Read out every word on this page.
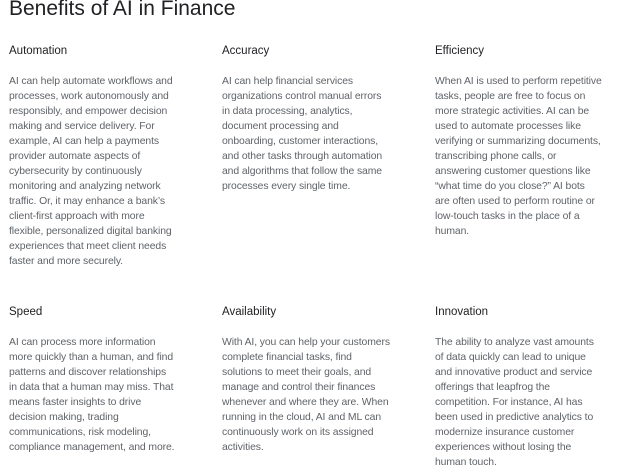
Benefits of AI in Finance
Automation

AI can help automate workflows and
processes, work autonomously and
responsibly, and empower decision
making and service delivery. For
example, AI can help a payments
provider automate aspects of
cybersecurity by continuously
monitoring and analyzing network
traffic. Or, it may enhance a bank’s
client-first approach with more
flexible, personalized digital banking
experiences that meet client needs
faster and more securely.

Accuracy

AI can help financial services
organizations control manual errors
in data processing, analytics,
document processing and
onboarding, customer interactions,
and other tasks through automation
and algorithms that follow the same
processes every single time.

Efficiency

When AI is used to perform repetitive
tasks, people are free to focus on
more strategic activities. AI can be
used to automate processes like
verifying or summarizing documents,
transcribing phone calls, or
answering customer questions like
“what time do you close?” AI bots
are often used to perform routine or
low-touch tasks in the place of a
human.

Speed

AI can process more information
more quickly than a human, and find
patterns and discover relationships
in data that a human may miss. That
means faster insights to drive
decision making, trading
communications, risk modeling,
compliance management, and more.

Availability

With AI, you can help your customers
complete financial tasks, find
solutions to meet their goals, and
manage and control their finances
whenever and where they are. When
running in the cloud, AI and ML can
continuously work on its assigned
activities.

Innovation

The ability to analyze vast amounts
of data quickly can lead to unique
and innovative product and service
offerings that leapfrog the
competition. For instance, AI has
been used in predictive analytics to
modernize insurance customer
experiences without losing the
human touch.
